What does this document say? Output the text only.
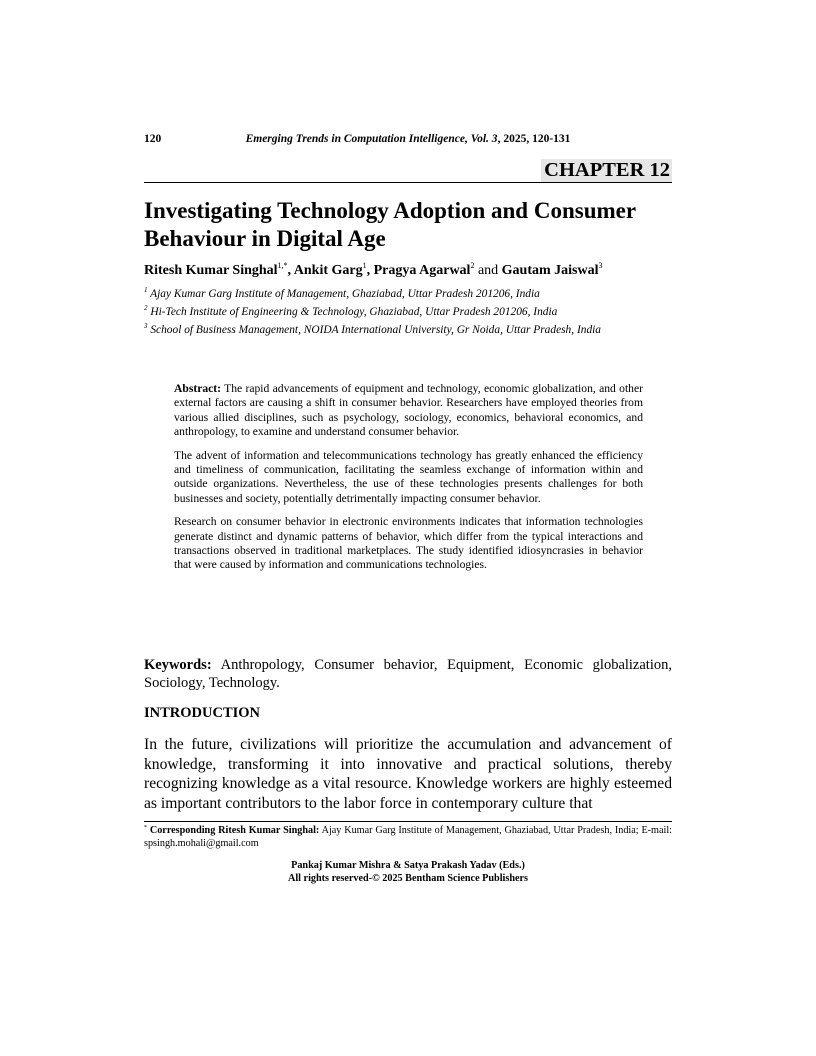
120	Emerging Trends in Computation Intelligence, Vol. 3, 2025, 120-131
CHAPTER 12
Investigating Technology Adoption and Consumer Behaviour in Digital Age
Ritesh Kumar Singhal$^{1,*}$, Ankit Garg$^1$, Pragya Agarwal$^2$ and Gautam Jaiswal$^3$

$^1$ Ajay Kumar Garg Institute of Management, Ghaziabad, Uttar Pradesh 201206, India

$^2$ Hi-Tech Institute of Engineering & Technology, Ghaziabad, Uttar Pradesh 201206, India

$^3$ School of Business Management, NOIDA International University, Gr Noida, Uttar Pradesh, India

Abstract: The rapid advancements of equipment and technology, economic globalization, and other external factors are causing a shift in consumer behavior. Researchers have employed theories from various allied disciplines, such as psychology, sociology, economics, behavioral economics, and anthropology, to examine and understand consumer behavior.

The advent of information and telecommunications technology has greatly enhanced the efficiency and timeliness of communication, facilitating the seamless exchange of information within and outside organizations. Nevertheless, the use of these technologies presents challenges for both businesses and society, potentially detrimentally impacting consumer behavior.

Research on consumer behavior in electronic environments indicates that information technologies generate distinct and dynamic patterns of behavior, which differ from the typical interactions and transactions observed in traditional marketplaces. The study identified idiosyncrasies in behavior that were caused by information and communications technologies.

Keywords: Anthropology, Consumer behavior, Equipment, Economic globalization, Sociology, Technology.
INTRODUCTION

In the future, civilizations will prioritize the accumulation and advancement of knowledge, transforming it into innovative and practical solutions, thereby recognizing knowledge as a vital resource. Knowledge workers are highly esteemed as important contributors to the labor force in contemporary culture that

* Corresponding Ritesh Kumar Singhal: Ajay Kumar Garg Institute of Management, Ghaziabad, Uttar Pradesh, India; E-mail: spsingh.mohali@gmail.com
Pankaj Kumar Mishra & Satya Prakash Yadav (Eds.)
All rights reserved-© 2025 Bentham Science Publishers
